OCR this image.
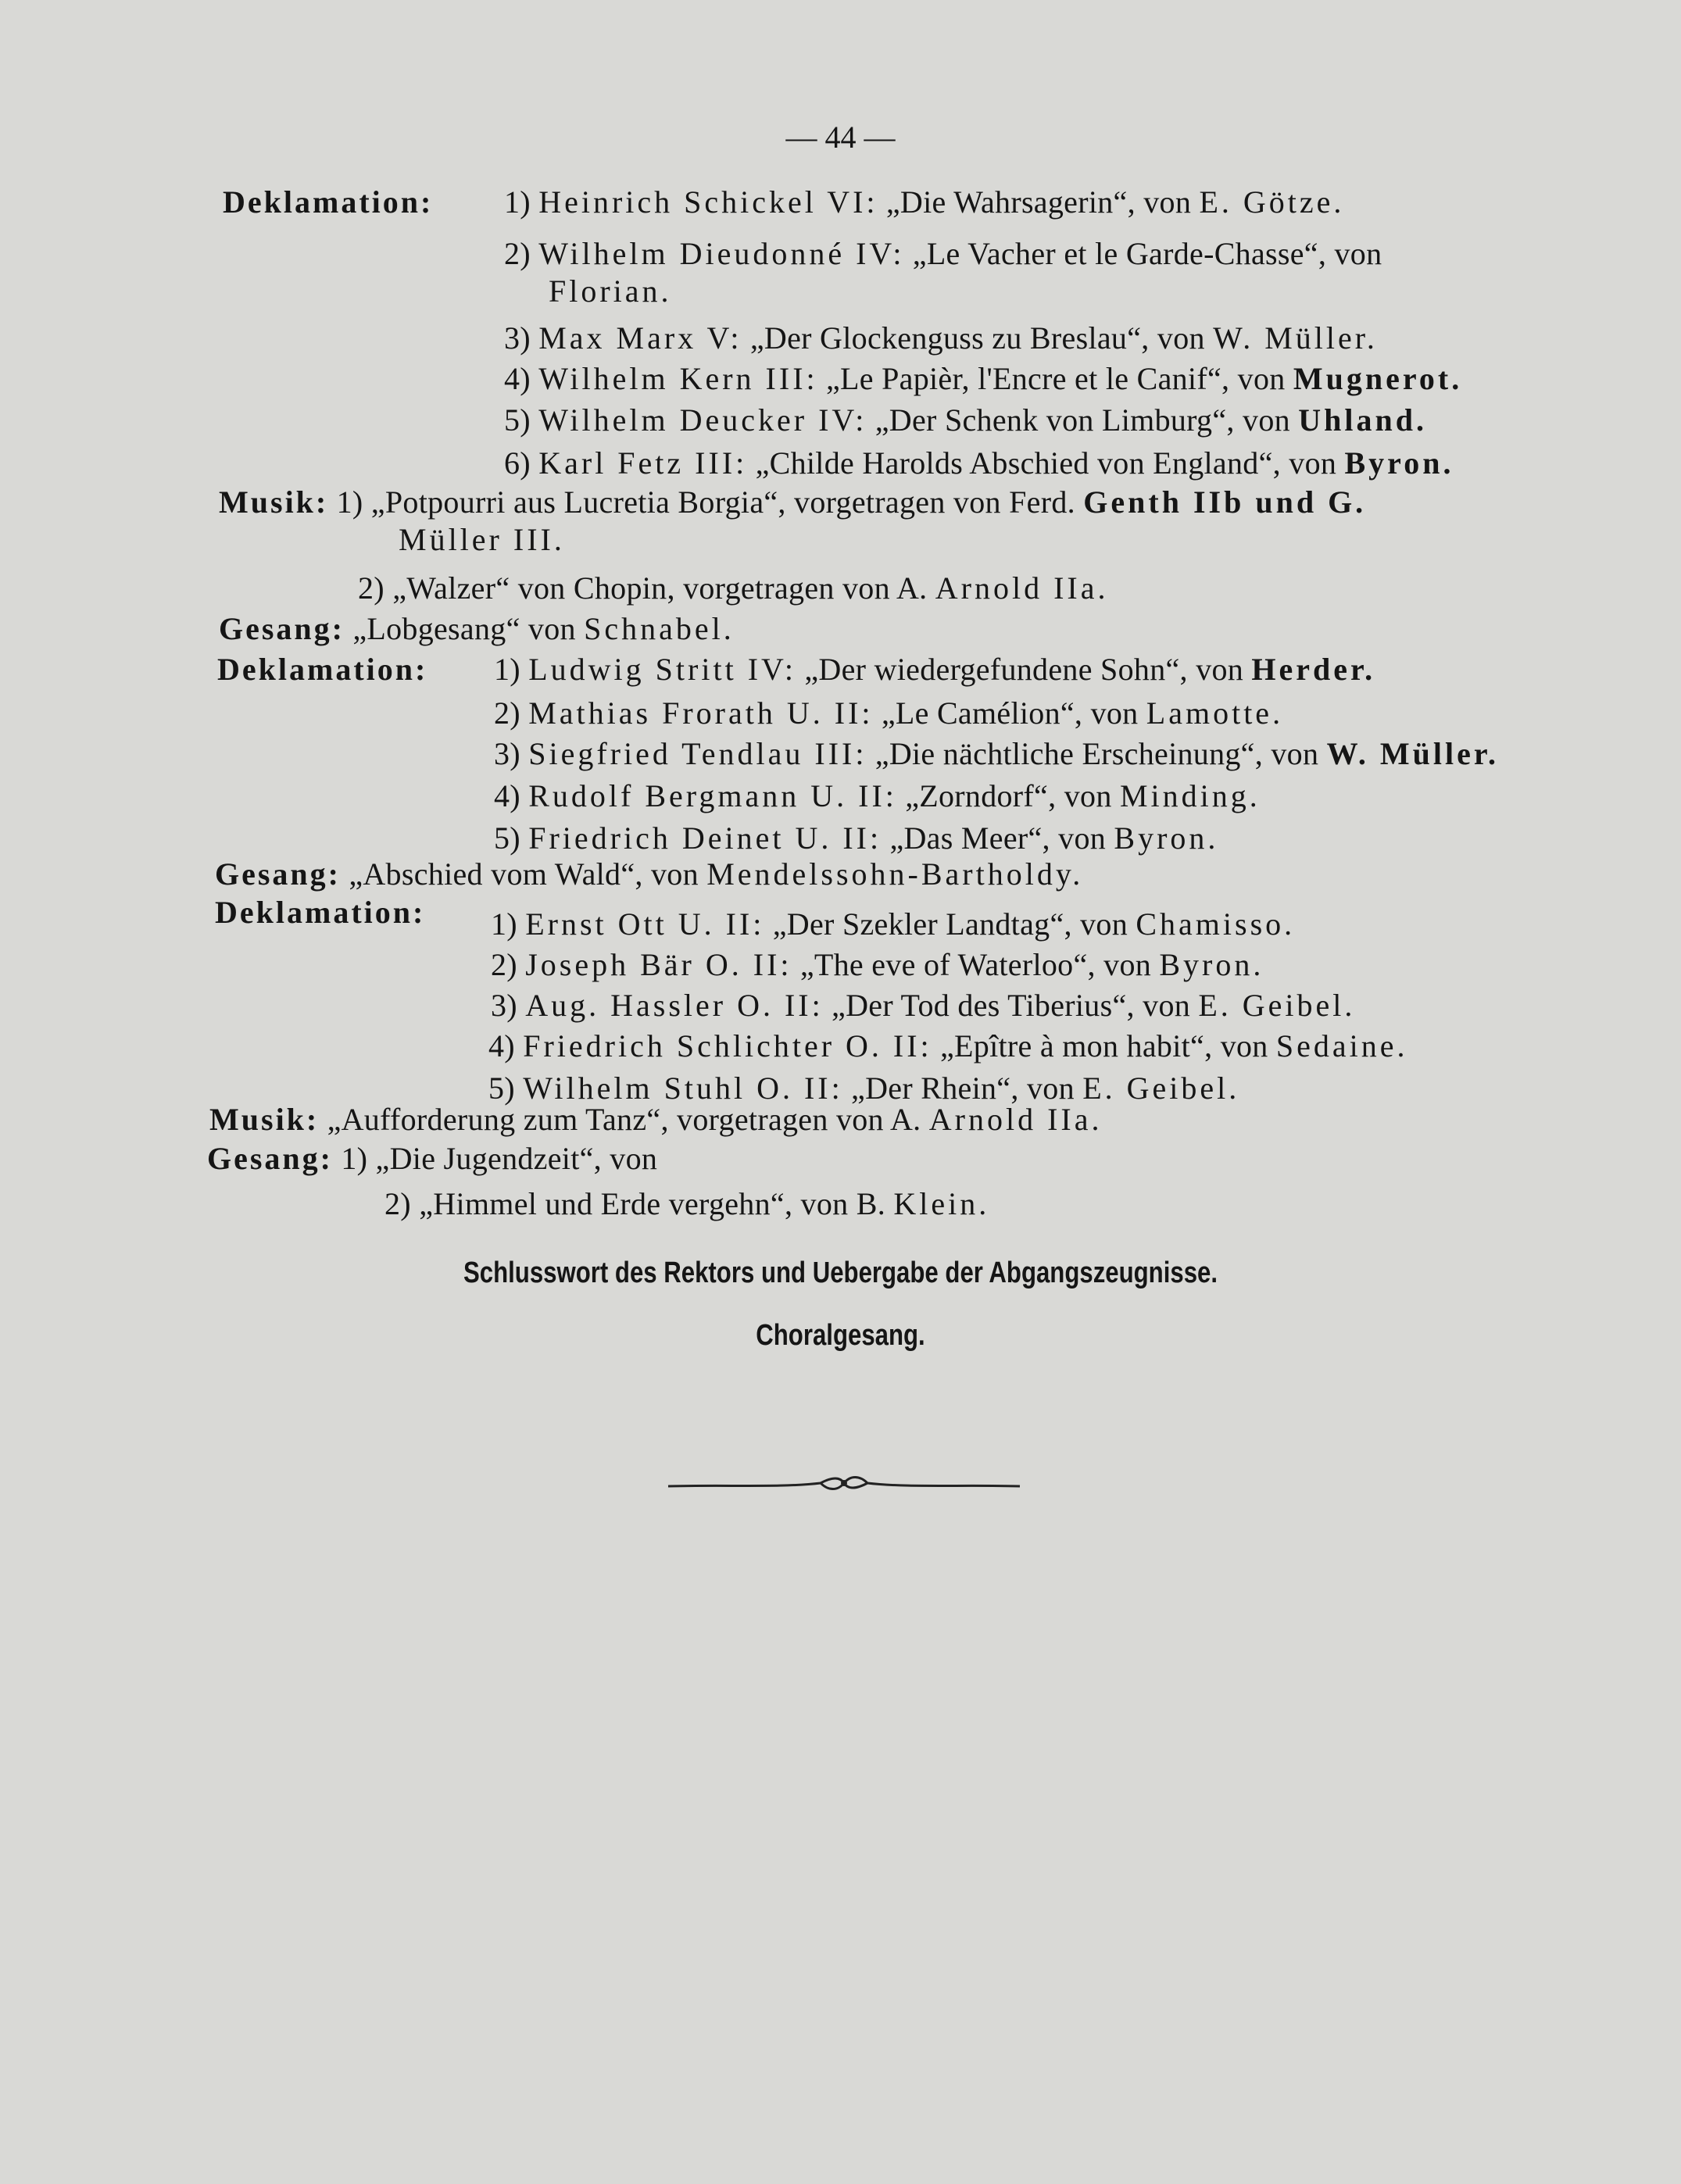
— 44 —
Deklamation: 1) Heinrich Schickel VI: „Die Wahrsagerin“, von E. Götze.
2) Wilhelm Dieudonné IV: „Le Vacher et le Garde-Chasse“, von
Florian.
3) Max Marx V: „Der Glockenguss zu Breslau“, von W. Müller.
4) Wilhelm Kern III: „Le Papièr, l'Encre et le Canif“, von Mugnerot.
5) Wilhelm Deucker IV: „Der Schenk von Limburg“, von Uhland.
6) Karl Fetz III: „Childe Harolds Abschied von England“, von Byron.
Musik: 1) „Potpourri aus Lucretia Borgia“, vorgetragen von Ferd. Genth IIb und G.
Müller III.
2) „Walzer“ von Chopin, vorgetragen von A. Arnold IIa.
Gesang: „Lobgesang“ von Schnabel.
Deklamation: 1) Ludwig Stritt IV: „Der wiedergefundene Sohn“, von Herder.
2) Mathias Frorath U. II: „Le Camélion“, von Lamotte.
3) Siegfried Tendlau III: „Die nächtliche Erscheinung“, von W. Müller.
4) Rudolf Bergmann U. II: „Zorndorf“, von Minding.
5) Friedrich Deinet U. II: „Das Meer“, von Byron.
Gesang: „Abschied vom Wald“, von Mendelssohn-Bartholdy.
Deklamation: 1) Ernst Ott U. II: „Der Szekler Landtag“, von Chamisso.
2) Joseph Bär O. II: „The eve of Waterloo“, von Byron.
3) Aug. Hassler O. II: „Der Tod des Tiberius“, von E. Geibel.
4) Friedrich Schlichter O. II: „Epître à mon habit“, von Sedaine.
5) Wilhelm Stuhl O. II: „Der Rhein“, von E. Geibel.
Musik: „Aufforderung zum Tanz“, vorgetragen von A. Arnold IIa.
Gesang: 1) „Die Jugendzeit“, von
2) „Himmel und Erde vergehn“, von B. Klein.
Schlusswort des Rektors und Uebergabe der Abgangszeugnisse.
Choralgesang.
